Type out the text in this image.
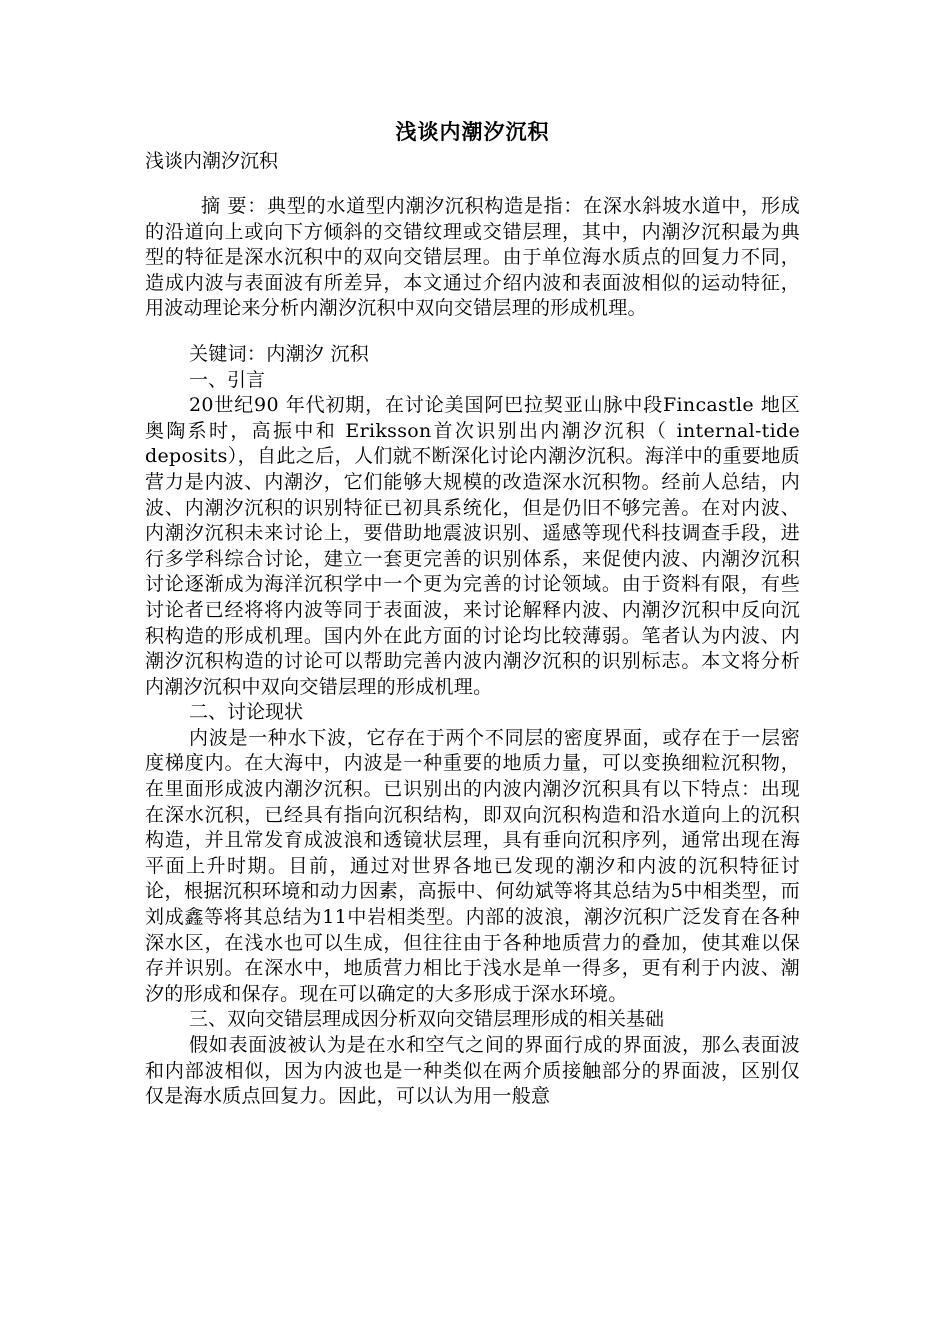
浅谈内潮汐沉积

浅谈内潮汐沉积

摘 要：典型的水道型内潮汐沉积构造是指：在深水斜坡水道中，形成的沿道向上或向下方倾斜的交错纹理或交错层理，其中，内潮汐沉积最为典型的特征是深水沉积中的双向交错层理。由于单位海水质点的回复力不同，造成内波与表面波有所差异，本文通过介绍内波和表面波相似的运动特征，用波动理论来分析内潮汐沉积中双向交错层理的形成机理。

关键词：内潮汐 沉积

一、引言

20世纪90 年代初期，在讨论美国阿巴拉契亚山脉中段Fincastle 地区奥陶系时，高振中和 Eriksson首次识别出内潮汐沉积（ internal-tide deposits），自此之后，人们就不断深化讨论内潮汐沉积。海洋中的重要地质营力是内波、内潮汐，它们能够大规模的改造深水沉积物。经前人总结，内波、内潮汐沉积的识别特征已初具系统化，但是仍旧不够完善。在对内波、内潮汐沉积未来讨论上，要借助地震波识别、遥感等现代科技调查手段，进行多学科综合讨论，建立一套更完善的识别体系，来促使内波、内潮汐沉积讨论逐渐成为海洋沉积学中一个更为完善的讨论领域。由于资料有限，有些讨论者已经将将内波等同于表面波，来讨论解释内波、内潮汐沉积中反向沉积构造的形成机理。国内外在此方面的讨论均比较薄弱。笔者认为内波、内潮汐沉积构造的讨论可以帮助完善内波内潮汐沉积的识别标志。本文将分析内潮汐沉积中双向交错层理的形成机理。

二、讨论现状

内波是一种水下波，它存在于两个不同层的密度界面，或存在于一层密度梯度内。在大海中，内波是一种重要的地质力量，可以变换细粒沉积物，在里面形成波内潮汐沉积。已识别出的内波内潮汐沉积具有以下特点：出现在深水沉积，已经具有指向沉积结构，即双向沉积构造和沿水道向上的沉积构造，并且常发育成波浪和透镜状层理，具有垂向沉积序列，通常出现在海平面上升时期。目前，通过对世界各地已发现的潮汐和内波的沉积特征讨论，根据沉积环境和动力因素，高振中、何幼斌等将其总结为5中相类型，而刘成鑫等将其总结为11中岩相类型。内部的波浪，潮汐沉积广泛发育在各种深水区，在浅水也可以生成，但往往由于各种地质营力的叠加，使其难以保存并识别。在深水中，地质营力相比于浅水是单一得多，更有利于内波、潮汐的形成和保存。现在可以确定的大多形成于深水环境。

三、双向交错层理成因分析双向交错层理形成的相关基础

假如表面波被认为是在水和空气之间的界面行成的界面波，那么表面波和内部波相似，因为内波也是一种类似在两介质接触部分的界面波，区别仅仅是海水质点回复力。因此，可以认为用一般意
